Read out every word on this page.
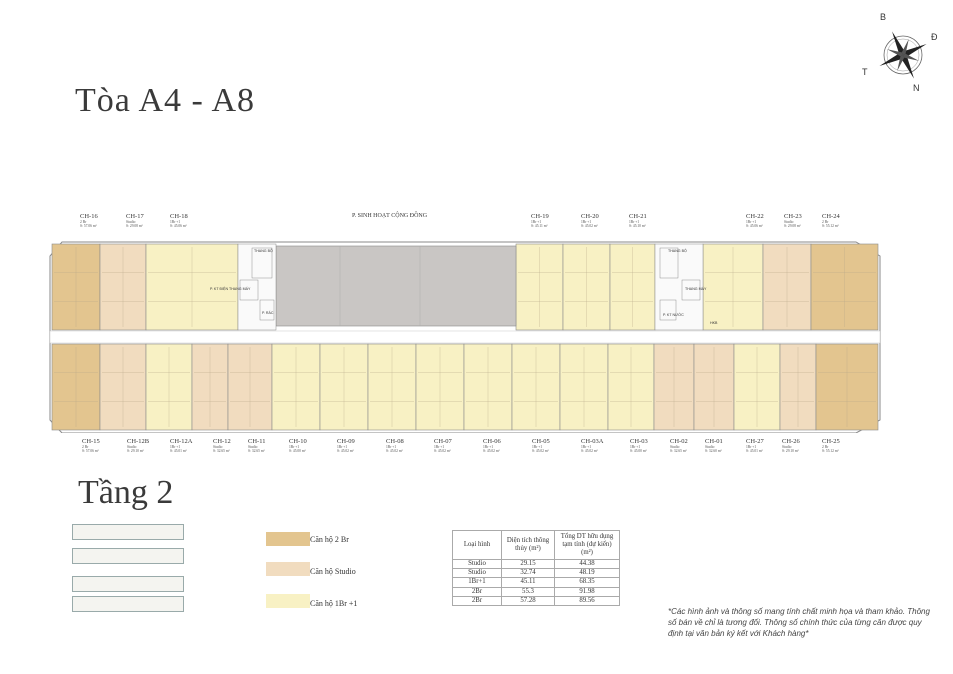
Tòa A4 - A8
Tầng 2
B
Đ
N
T
P. SINH HOẠT CỘNG ĐỒNG
CH-16
2 Br
S: 57.06 m²
CH-17
Studio
S: 29.08 m²
CH-18
1Br +1
S: 45.06 m²
CH-19
1Br +1
S: 45.11 m²
CH-20
1Br +1
S: 45.02 m²
CH-21
1Br +1
S: 45.10 m²
CH-22
1Br +1
S: 45.06 m²
CH-23
Studio
S: 29.08 m²
CH-24
2 Br
S: 55.12 m²
THANG BỘ
THANG MÁY
P. KT ĐIỆN
P. RÁC
THANG BỘ
THANG MÁY
P. KT NƯỚC
HKB
CH-15
2 Br
S: 57.06 m²
CH-12B
Studio
S: 29.10 m²
CH-12A
1Br +1
S: 45.01 m²
CH-12
Studio
S: 32.65 m²
CH-11
Studio
S: 32.65 m²
CH-10
1Br +1
S: 45.00 m²
CH-09
1Br +1
S: 45.02 m²
CH-08
1Br +1
S: 45.02 m²
CH-07
1Br +1
S: 45.02 m²
CH-06
1Br +1
S: 45.02 m²
CH-05
1Br +1
S: 45.02 m²
CH-03A
1Br +1
S: 45.02 m²
CH-03
1Br +1
S: 45.00 m²
CH-02
Studio
S: 32.65 m²
CH-01
Studio
S: 32.60 m²
CH-27
1Br +1
S: 45.01 m²
CH-26
Studio
S: 29.10 m²
CH-25
2 Br
S: 55.12 m²
Căn hộ 2 Br
Căn hộ Studio
Căn hộ 1Br +1
Loại hình	Diện tích thông thủy (m²)	Tổng DT hữu dụng tạm tính (dự kiến) (m²)
Studio	29.15	44.38
Studio	32.74	48.19
1Br+1	45.11	68.35
2Br	55.3	91.98
2Br	57.28	89.56
*Các hình ảnh và thông số mang tính chất minh họa và tham khảo. Thông số bán về chỉ là tương đối. Thông số chính thức của từng căn được quy định tại văn bản ký kết với Khách hàng*
